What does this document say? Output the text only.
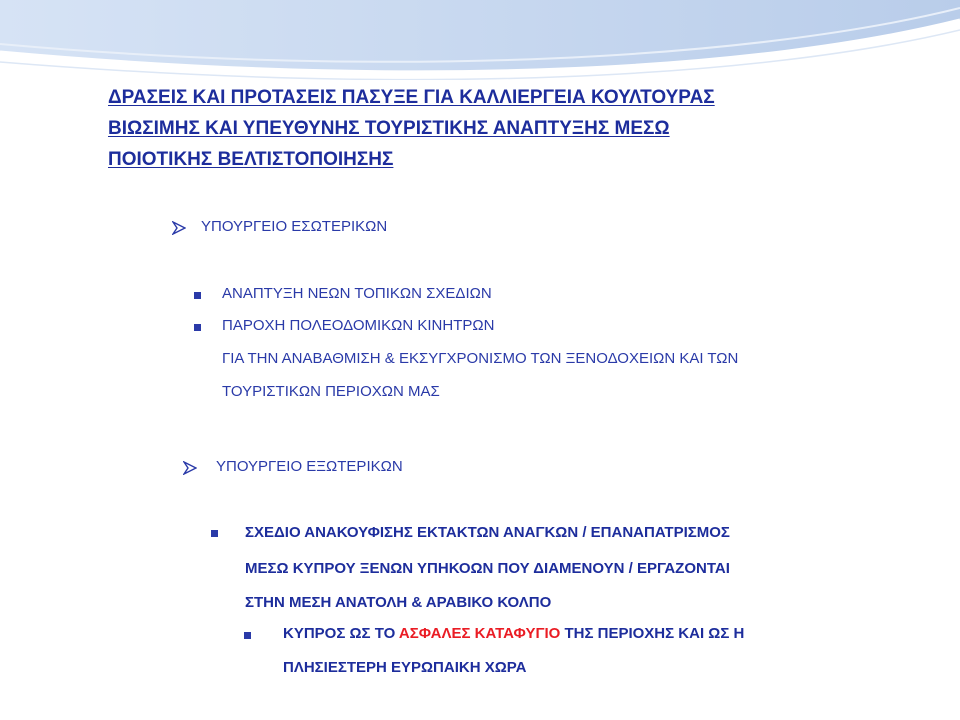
ΔΡΑΣΕΙΣ ΚΑΙ ΠΡΟΤΑΣΕΙΣ ΠΑΣΥΞΕ ΓΙΑ ΚΑΛΛΙΕΡΓΕΙΑ ΚΟΥΛΤΟΥΡΑΣ
ΒΙΩΣΙΜΗΣ ΚΑΙ ΥΠΕΥΘΥΝΗΣ ΤΟΥΡΙΣΤΙΚΗΣ ΑΝΑΠΤΥΞΗΣ ΜΕΣΩ
ΠΟΙΟΤΙΚΗΣ ΒΕΛΤΙΣΤΟΠΟΙΗΣΗΣ
ΥΠΟΥΡΓΕΙΟ ΕΣΩΤΕΡΙΚΩΝ
ΑΝΑΠΤΥΞΗ ΝΕΩΝ ΤΟΠΙΚΩΝ ΣΧΕΔΙΩΝ
ΠΑΡΟΧΗ ΠΟΛΕΟΔΟΜΙΚΩΝ ΚΙΝΗΤΡΩΝ
ΓΙΑ ΤΗΝ ΑΝΑΒΑΘΜΙΣΗ & ΕΚΣΥΓΧΡΟΝΙΣΜΟ ΤΩΝ ΞΕΝΟΔΟΧΕΙΩΝ ΚΑΙ ΤΩΝ
ΤΟΥΡΙΣΤΙΚΩΝ ΠΕΡΙΟΧΩΝ ΜΑΣ
ΥΠΟΥΡΓΕΙΟ ΕΞΩΤΕΡΙΚΩΝ
ΣΧΕΔΙΟ ΑΝΑΚΟΥΦΙΣΗΣ ΕΚΤΑΚΤΩΝ ΑΝΑΓΚΩΝ / ΕΠΑΝΑΠΑΤΡΙΣΜΟΣ
ΜΕΣΩ ΚΥΠΡΟΥ ΞΕΝΩΝ ΥΠΗΚΟΩΝ ΠΟΥ ΔΙΑΜΕΝΟΥΝ / ΕΡΓΑΖΟΝΤΑΙ
ΣΤΗΝ ΜΕΣΗ ΑΝΑΤΟΛΗ & ΑΡΑΒΙΚΟ ΚΟΛΠΟ
ΚΥΠΡΟΣ ΩΣ ΤΟ ΑΣΦΑΛΕΣ ΚΑΤΑΦΥΓΙΟ ΤΗΣ ΠΕΡΙΟΧΗΣ ΚΑΙ ΩΣ Η
ΠΛΗΣΙΕΣΤΕΡΗ ΕΥΡΩΠΑΙΚΗ ΧΩΡΑ
